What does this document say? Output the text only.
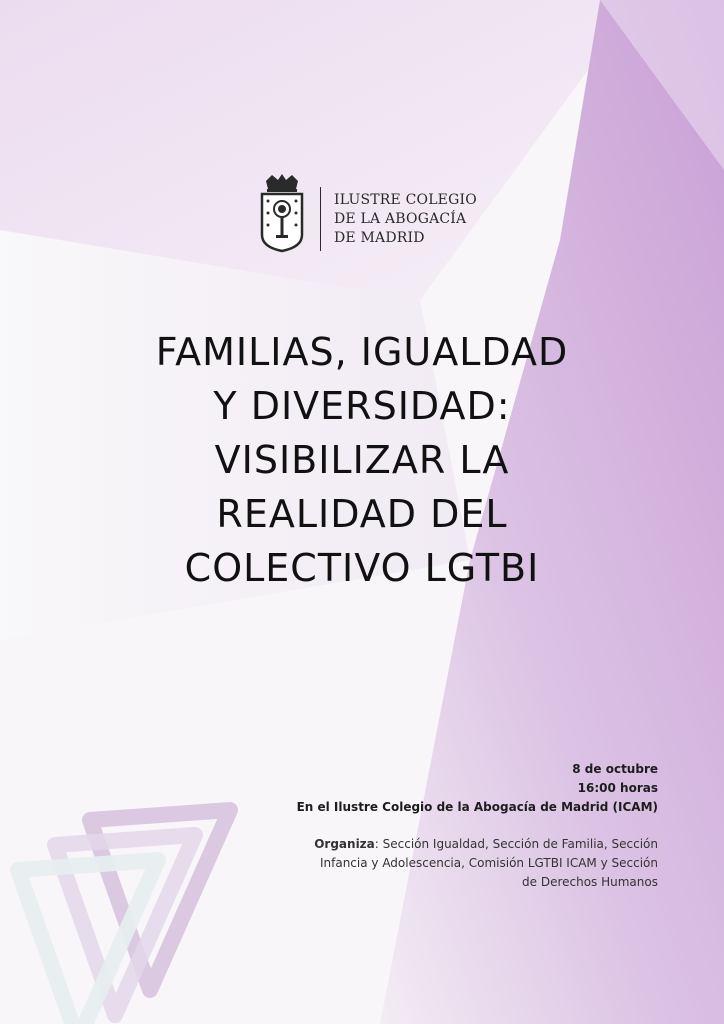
ILUSTRE COLEGIO
DE LA ABOGACÍA
DE MADRID
FAMILIAS, IGUALDAD
Y DIVERSIDAD:
VISIBILIZAR LA
REALIDAD DEL
COLECTIVO LGTBI
8 de octubre
16:00 horas
En el Ilustre Colegio de la Abogacía de Madrid (ICAM)
Organiza: Sección Igualdad, Sección de Familia, Sección
Infancia y Adolescencia, Comisión LGTBI ICAM y Sección
de Derechos Humanos
